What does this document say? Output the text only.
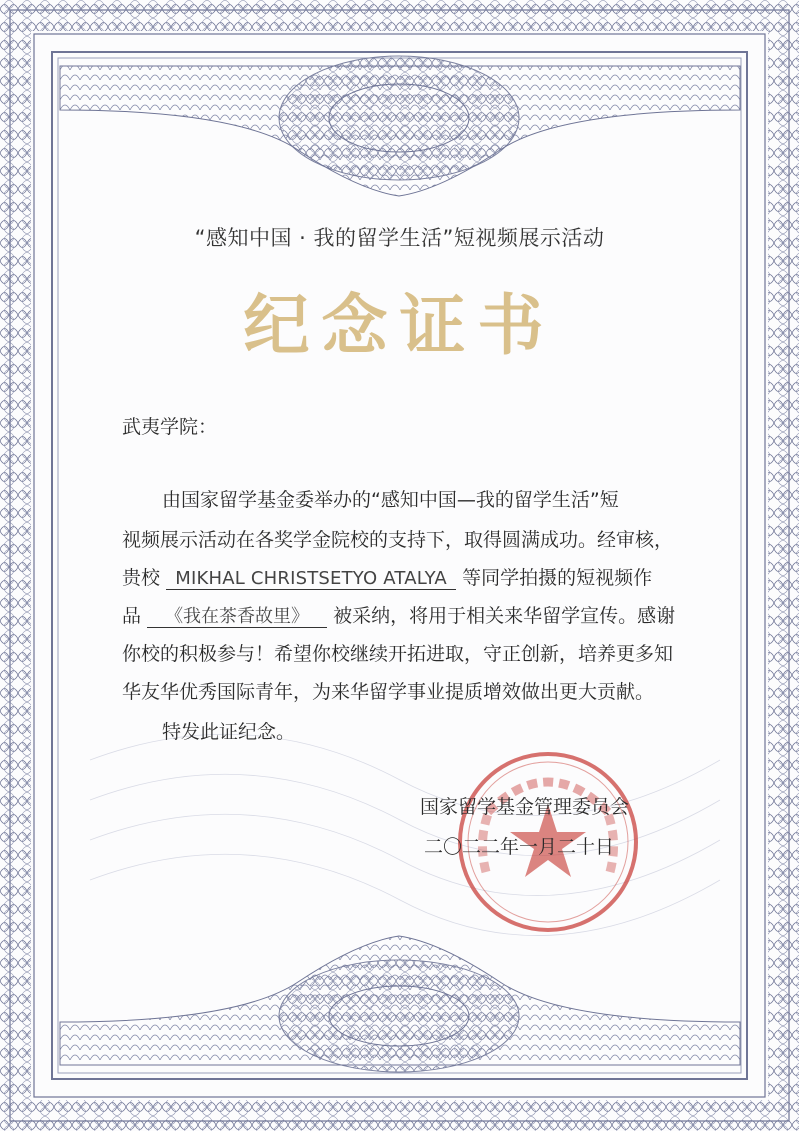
“感知中国 · 我的留学生活”短视频展示活动
纪念证书
武夷学院：
由国家留学基金委举办的“感知中国—我的留学生活”短
视频展示活动在各奖学金院校的支持下，取得圆满成功。经审核，
贵校 MIKHAL CHRISTSETYO ATALYA 等同学拍摄的短视频作
品 《我在茶香故里》 被采纳，将用于相关来华留学宣传。感谢
你校的积极参与！希望你校继续开拓进取，守正创新，培养更多知
华友华优秀国际青年，为来华留学事业提质增效做出更大贡献。
特发此证纪念。
国家留学基金管理委员会
二〇二二年一月二十日
